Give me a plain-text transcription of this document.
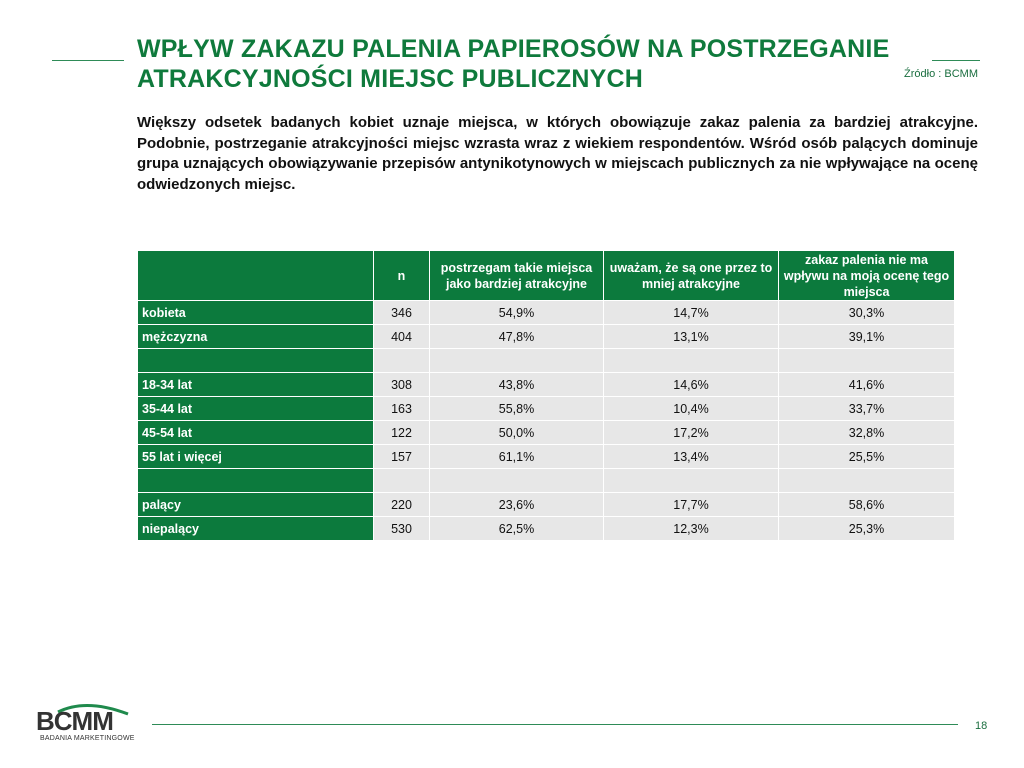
WPŁYW ZAKAZU PALENIA PAPIEROSÓW NA POSTRZEGANIE
ATRAKCYJNOŚCI MIEJSC PUBLICZNYCH	Źródło : BCMM
Większy odsetek badanych kobiet uznaje miejsca, w których obowiązuje zakaz palenia za bardziej atrakcyjne. Podobnie, postrzeganie atrakcyjności miejsc wzrasta wraz z wiekiem respondentów. Wśród osób palących dominuje grupa uznających obowiązywanie przepisów antynikotynowych w miejscach publicznych za nie wpływające na ocenę odwiedzonych miejsc.
	n	postrzegam takie miejsca jako bardziej atrakcyjne	uważam, że są one przez to mniej atrakcyjne	zakaz palenia nie ma wpływu na moją ocenę tego miejsca
kobieta	346	54,9%	14,7%	30,3%
mężczyzna	404	47,8%	13,1%	39,1%

18-34 lat	308	43,8%	14,6%	41,6%
35-44 lat	163	55,8%	10,4%	33,7%
45-54 lat	122	50,0%	17,2%	32,8%
55 lat i więcej	157	61,1%	13,4%	25,5%

palący	220	23,6%	17,7%	58,6%
niepalący	530	62,5%	12,3%	25,3%
BCMM
BADANIA MARKETINGOWE
18
